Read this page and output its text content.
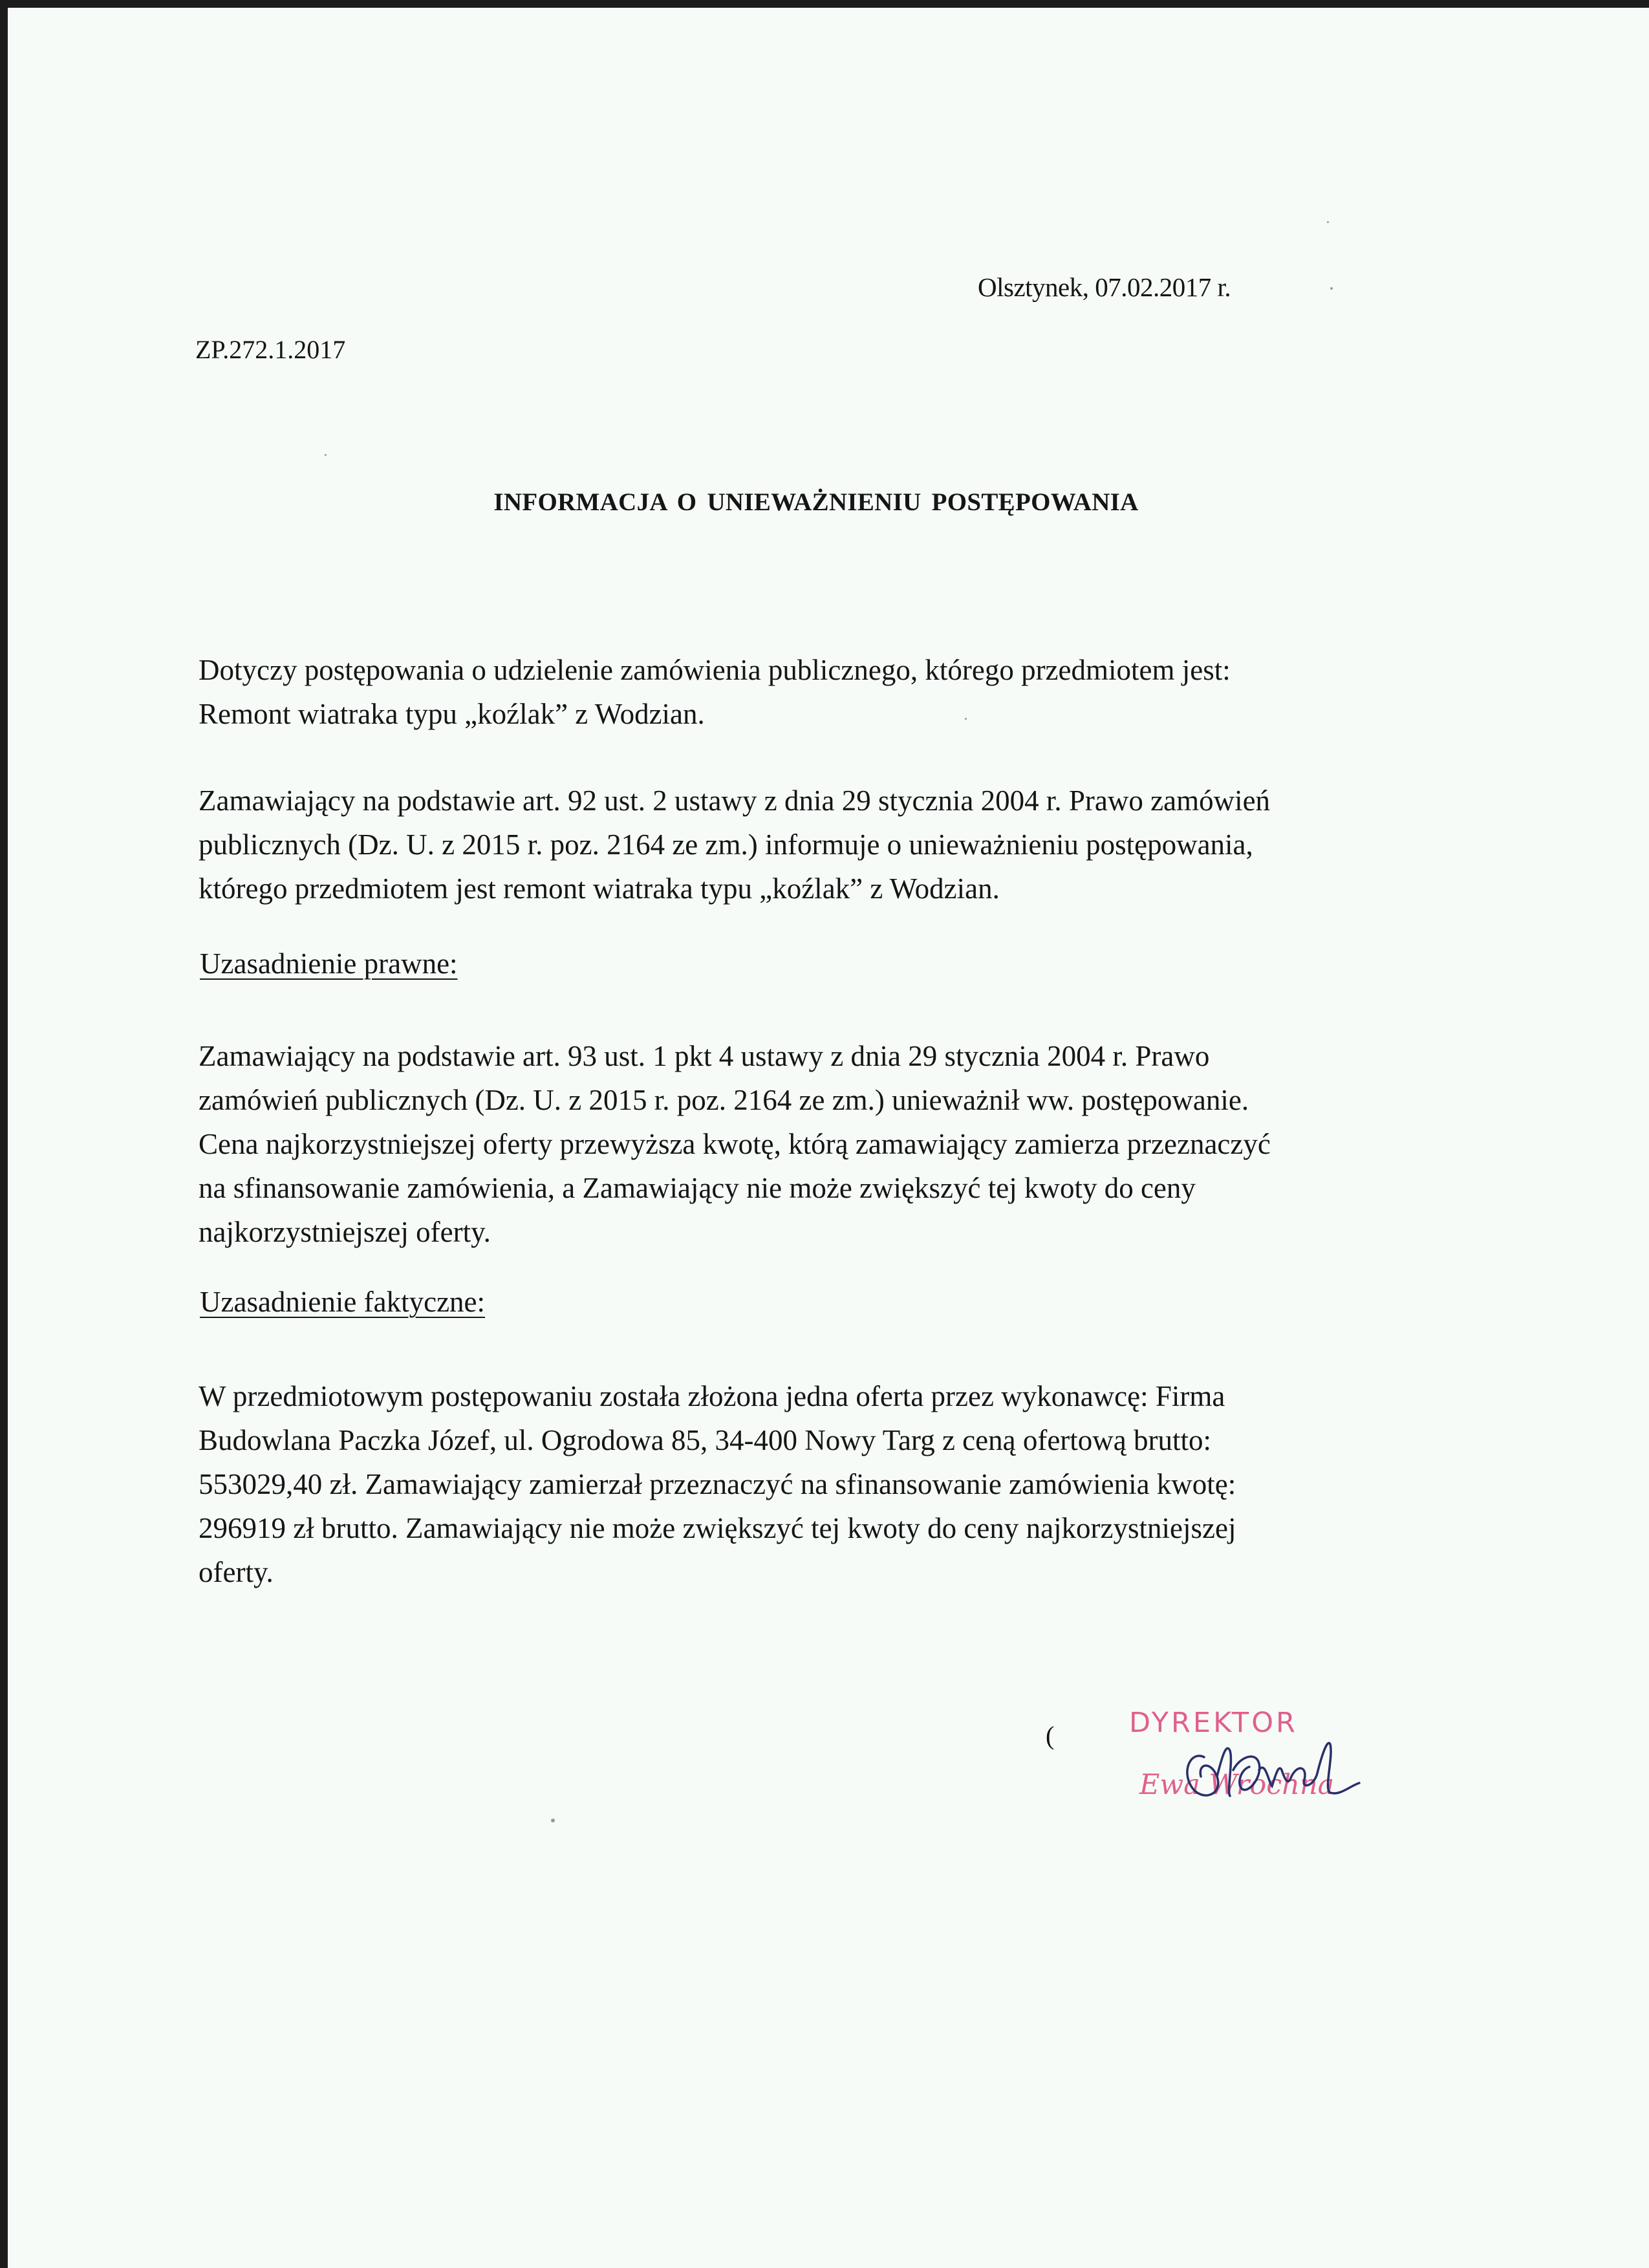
Olsztynek, 07.02.2017 r.
ZP.272.1.2017
INFORMACJA O UNIEWAŻNIENIU POSTĘPOWANIA
Dotyczy postępowania o udzielenie zamówienia publicznego, którego przedmiotem jest:
Remont wiatraka typu „koźlak” z Wodzian.
Zamawiający na podstawie art. 92 ust. 2 ustawy z dnia 29 stycznia 2004 r. Prawo zamówień
publicznych (Dz. U. z 2015 r. poz. 2164 ze zm.) informuje o unieważnieniu postępowania,
którego przedmiotem jest remont wiatraka typu „koźlak” z Wodzian.
Uzasadnienie prawne:
Zamawiający na podstawie art. 93 ust. 1 pkt 4 ustawy z dnia 29 stycznia 2004 r. Prawo
zamówień publicznych (Dz. U. z 2015 r. poz. 2164 ze zm.) unieważnił ww. postępowanie.
Cena najkorzystniejszej oferty przewyższa kwotę, którą zamawiający zamierza przeznaczyć
na sfinansowanie zamówienia, a Zamawiający nie może zwiększyć tej kwoty do ceny
najkorzystniejszej oferty.
Uzasadnienie faktyczne:
W przedmiotowym postępowaniu została złożona jedna oferta przez wykonawcę: Firma
Budowlana Paczka Józef, ul. Ogrodowa 85, 34-400 Nowy Targ z ceną ofertową brutto:
553029,40 zł. Zamawiający zamierzał przeznaczyć na sfinansowanie zamówienia kwotę:
296919 zł brutto. Zamawiający nie może zwiększyć tej kwoty do ceny najkorzystniejszej
oferty.
(	DYREKTOR
Ewa Wrochna
